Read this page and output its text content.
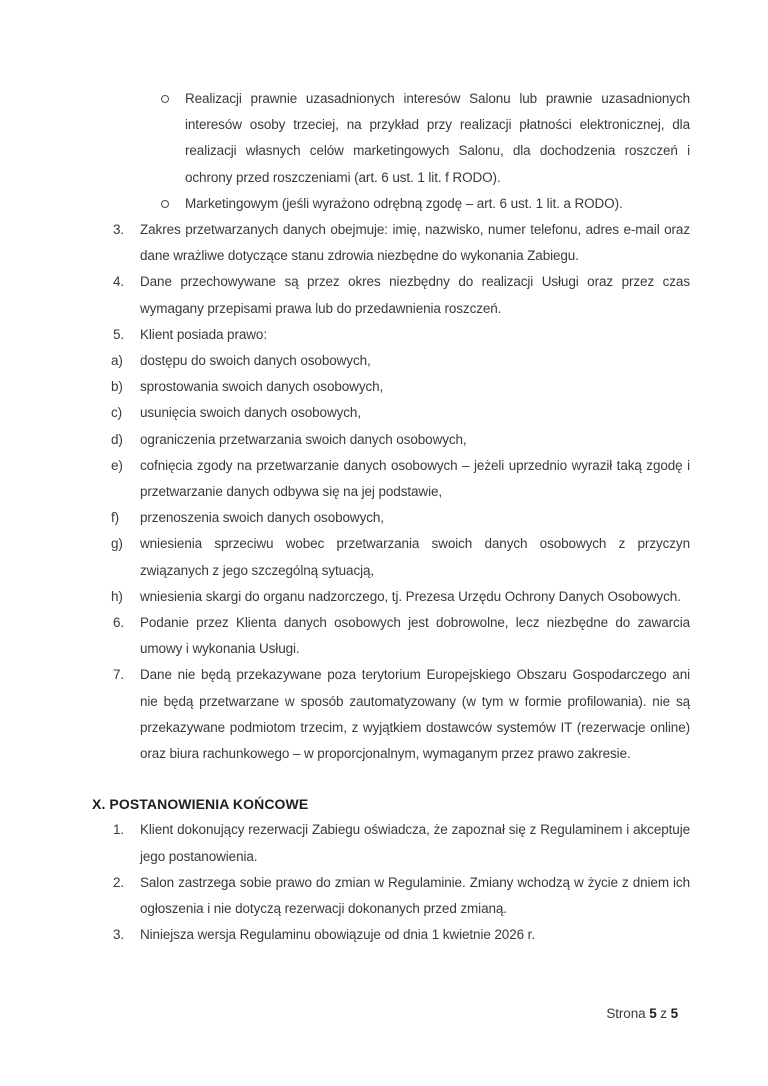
Realizacji prawnie uzasadnionych interesów Salonu lub prawnie uzasadnionych interesów osoby trzeciej, na przykład przy realizacji płatności elektronicznej, dla realizacji własnych celów marketingowych Salonu, dla dochodzenia roszczeń i ochrony przed roszczeniami (art. 6 ust. 1 lit. f RODO).
Marketingowym (jeśli wyrażono odrębną zgodę – art. 6 ust. 1 lit. a RODO).
3. Zakres przetwarzanych danych obejmuje: imię, nazwisko, numer telefonu, adres e-mail oraz dane wrażliwe dotyczące stanu zdrowia niezbędne do wykonania Zabiegu.
4. Dane przechowywane są przez okres niezbędny do realizacji Usługi oraz przez czas wymagany przepisami prawa lub do przedawnienia roszczeń.
5. Klient posiada prawo:
a) dostępu do swoich danych osobowych,
b) sprostowania swoich danych osobowych,
c) usunięcia swoich danych osobowych,
d) ograniczenia przetwarzania swoich danych osobowych,
e) cofnięcia zgody na przetwarzanie danych osobowych – jeżeli uprzednio wyraził taką zgodę i przetwarzanie danych odbywa się na jej podstawie,
f) przenoszenia swoich danych osobowych,
g) wniesienia sprzeciwu wobec przetwarzania swoich danych osobowych z przyczyn związanych z jego szczególną sytuacją,
h) wniesienia skargi do organu nadzorczego, tj. Prezesa Urzędu Ochrony Danych Osobowych.
6. Podanie przez Klienta danych osobowych jest dobrowolne, lecz niezbędne do zawarcia umowy i wykonania Usługi.
7. Dane nie będą przekazywane poza terytorium Europejskiego Obszaru Gospodarczego ani nie będą przetwarzane w sposób zautomatyzowany (w tym w formie profilowania). nie są przekazywane podmiotom trzecim, z wyjątkiem dostawców systemów IT (rezerwacje online) oraz biura rachunkowego – w proporcjonalnym, wymaganym przez prawo zakresie.
X. POSTANOWIENIA KOŃCOWE
1. Klient dokonujący rezerwacji Zabiegu oświadcza, że zapoznał się z Regulaminem i akceptuje jego postanowienia.
2. Salon zastrzega sobie prawo do zmian w Regulaminie. Zmiany wchodzą w życie z dniem ich ogłoszenia i nie dotyczą rezerwacji dokonanych przed zmianą.
3. Niniejsza wersja Regulaminu obowiązuje od dnia 1 kwietnie 2026 r.
Strona 5 z 5
